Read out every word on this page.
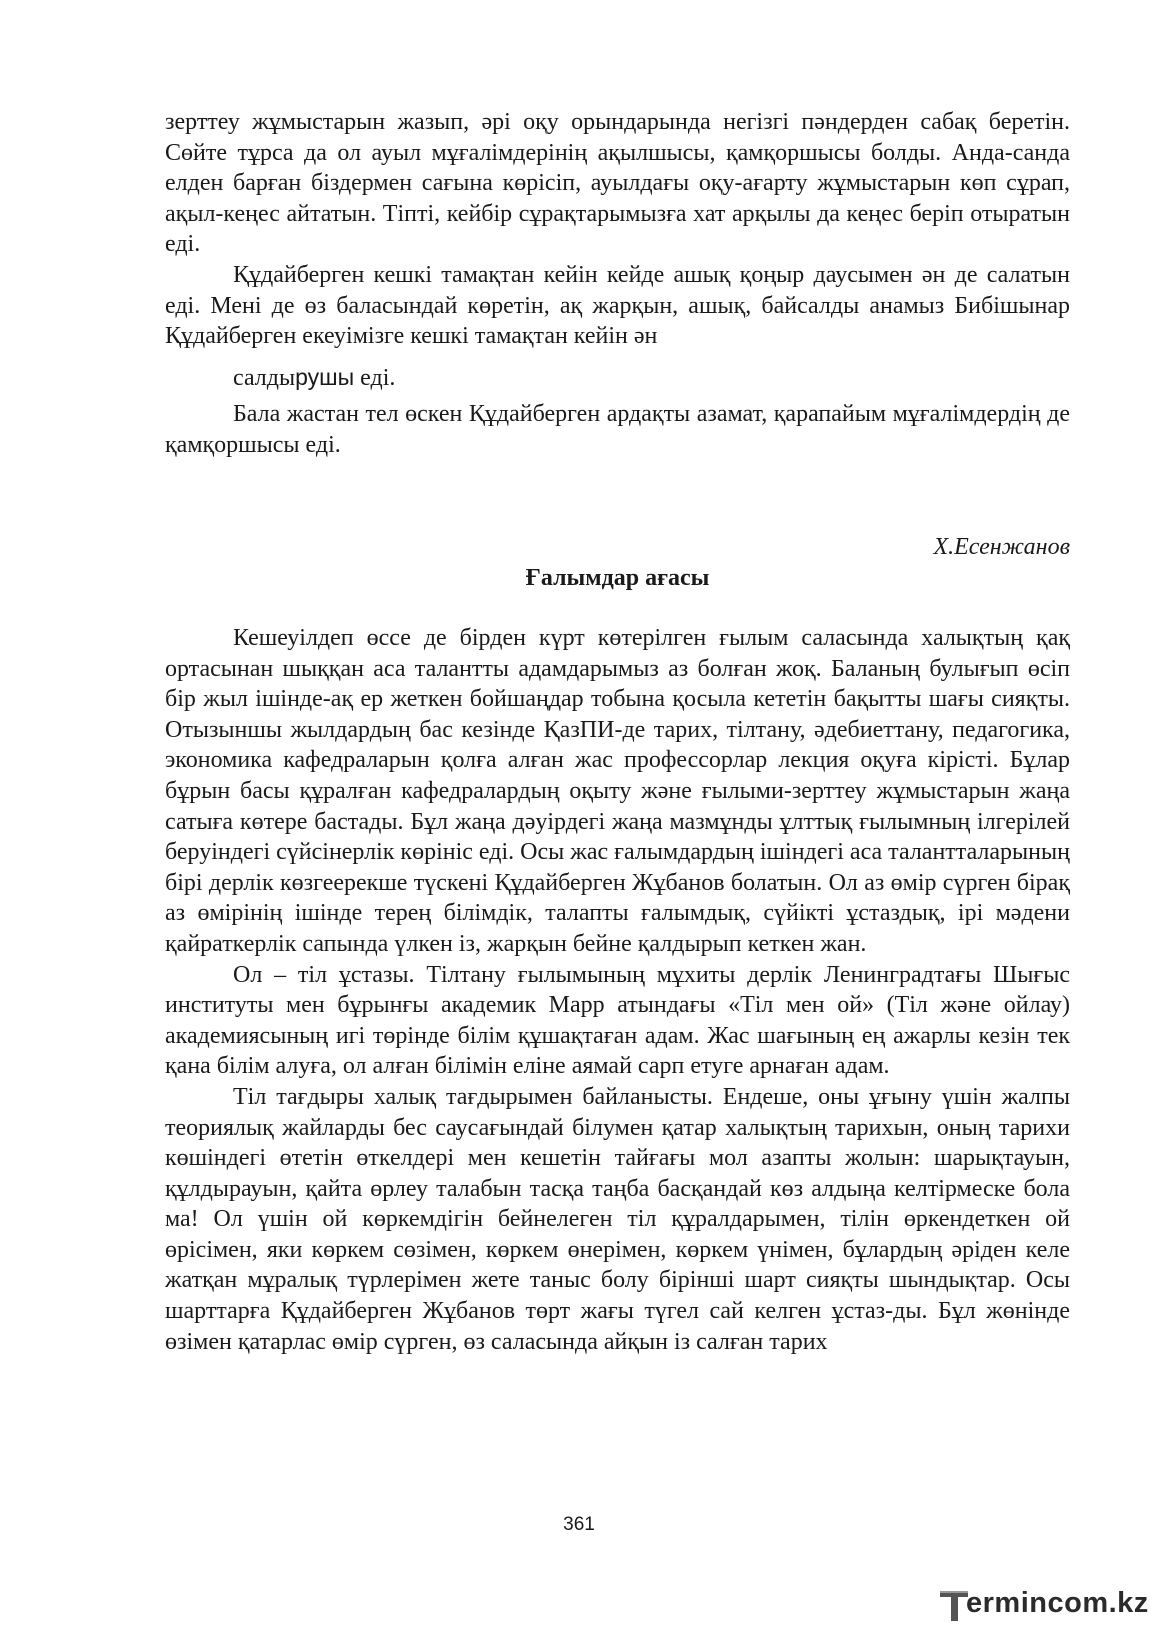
зерттеу жұмыстарын жазып, әрі оқу орындарында негізгі пәндерден сабақ беретін. Сөйте тұрса да ол ауыл мұғалімдерінің ақылшысы, қамқоршысы болды. Анда-санда елден барған біздермен сағына көрісіп, ауылдағы оқу-ағарту жұмыстарын көп сұрап, ақыл-кеңес айтатын. Тіпті, кейбір сұрақтарымызға хат арқылы да кеңес беріп отыратын еді.

Құдайберген кешкі тамақтан кейін кейде ашық қоңыр даусымен ән де салатын еді. Мені де өз баласындай көретін, ақ жарқын, ашық, байсалды анамыз Бибішынар Құдайберген екеуімізге кешкі тамақтан кейін ән
салдырушы еді.

Бала жастан тел өскен Құдайберген ардақты азамат, қарапайым мұғалімдердің де қамқоршысы еді.

Х.Есенжанов
Ғалымдар ағасы

Кешеуілдеп өссе де бірден күрт көтерілген ғылым саласында халықтың қақ ортасынан шыққан аса талантты адамдарымыз аз болған жоқ. Баланың булығып өсіп бір жыл ішінде-ақ ер жеткен бойшаңдар тобына қосыла кететін бақытты шағы сияқты. Отызыншы жылдардың бас кезінде ҚазПИ-де тарих, тілтану, әдебиеттану, педагогика, экономика кафедраларын қолға алған жас профессорлар лекция оқуға кірісті. Бұлар бұрын басы құралған кафедралардың оқыту және ғылыми-зерттеу жұмыстарын жаңа сатыға көтере бастады. Бұл жаңа дәуірдегі жаңа мазмұнды ұлттық ғылымның ілгерілей беруіндегі сүйсінерлік көрініс еді. Осы жас ғалымдардың ішіндегі аса талантталарының бірі дерлік көзгеерекше түскені Құдайберген Жұбанов болатын. Ол аз өмір сүрген бірақ аз өмірінің ішінде терең білімдік, талапты ғалымдық, сүйікті ұстаздық, ірі мәдени қайраткерлік сапында үлкен із, жарқын бейне қалдырып кеткен жан.

Ол – тіл ұстазы. Тілтану ғылымының мұхиты дерлік Ленинградтағы Шығыс институты мен бұрынғы академик Марр атындағы «Тіл мен ой» (Тіл және ойлау) академиясының игі төрінде білім құшақтаған адам. Жас шағының ең ажарлы кезін тек қана білім алуға, ол алған білімін еліне аямай сарп етуге арнаған адам.

Тіл тағдыры халық тағдырымен байланысты. Ендеше, оны ұғыну үшін жалпы теориялық жайларды бес саусағындай білумен қатар халықтың тарихын, оның тарихи көшіндегі өтетін өткелдері мен кешетін тайғағы мол азапты жолын: шарықтауын, құлдырауын, қайта өрлеу талабын тасқа таңба басқандай көз алдыңа келтірмеске бола ма! Ол үшін ой көркемдігін бейнелеген тіл құралдарымен, тілін өркендеткен ой өрісімен, яки көркем сөзімен, көркем өнерімен, көркем үнімен, бұлардың әріден келе жатқан мұралық түрлерімен жете таныс болу бірінші шарт сияқты шындықтар. Осы шарттарға Құдайберген Жұбанов төрт жағы түгел сай келген ұстаз-ды. Бұл жөнінде өзімен қатарлас өмір сүрген, өз саласында айқын із салған тарих

361
ermincom.kz
